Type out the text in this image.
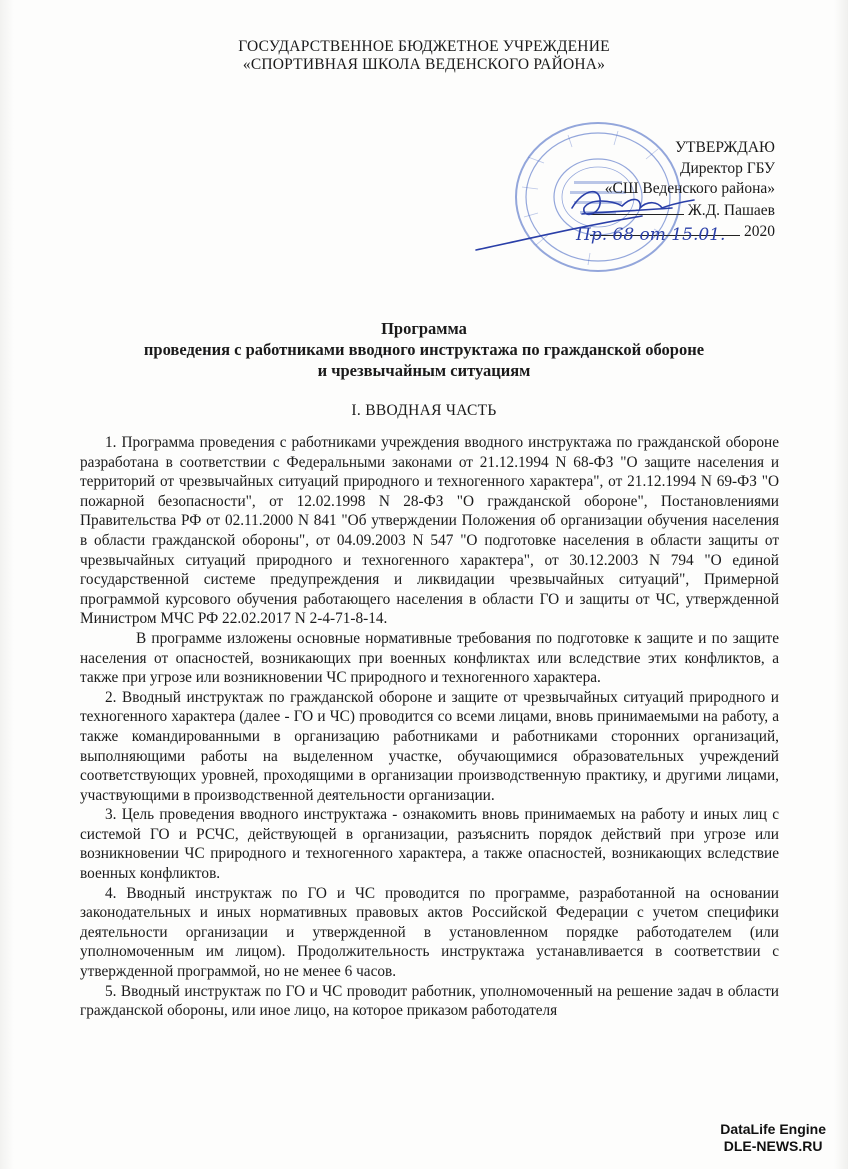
ГОСУДАРСТВЕННОЕ БЮДЖЕТНОЕ УЧРЕЖДЕНИЕ
«СПОРТИВНАЯ ШКОЛА ВЕДЕНСКОГО РАЙОНА»
УТВЕРЖДАЮ
Директор ГБУ
«СШ Веденского района»
Ж.Д. Пашаев
2020
Пр. 68 от 15.01.
Программа
проведения с работниками вводного инструктажа по гражданской обороне
и чрезвычайным ситуациям
I. ВВОДНАЯ ЧАСТЬ

1. Программа проведения с работниками учреждения вводного инструктажа по гражданской обороне разработана в соответствии с Федеральными законами от 21.12.1994 N 68-ФЗ "О защите населения и территорий от чрезвычайных ситуаций природного и техногенного характера", от 21.12.1994 N 69-ФЗ "О пожарной безопасности", от 12.02.1998 N 28-ФЗ "О гражданской обороне", Постановлениями Правительства РФ от 02.11.2000 N 841 "Об утверждении Положения об организации обучения населения в области гражданской обороны", от 04.09.2003 N 547 "О подготовке населения в области защиты от чрезвычайных ситуаций природного и техногенного характера", от 30.12.2003 N 794 "О единой государственной системе предупреждения и ликвидации чрезвычайных ситуаций", Примерной программой курсового обучения работающего населения в области ГО и защиты от ЧС, утвержденной Министром МЧС РФ 22.02.2017 N 2-4-71-8-14.

В программе изложены основные нормативные требования по подготовке к защите и по защите населения от опасностей, возникающих при военных конфликтах или вследствие этих конфликтов, а также при угрозе или возникновении ЧС природного и техногенного характера.

2. Вводный инструктаж по гражданской обороне и защите от чрезвычайных ситуаций природного и техногенного характера (далее - ГО и ЧС) проводится со всеми лицами, вновь принимаемыми на работу, а также командированными в организацию работниками и работниками сторонних организаций, выполняющими работы на выделенном участке, обучающимися образовательных учреждений соответствующих уровней, проходящими в организации производственную практику, и другими лицами, участвующими в производственной деятельности организации.

3. Цель проведения вводного инструктажа - ознакомить вновь принимаемых на работу и иных лиц с системой ГО и РСЧС, действующей в организации, разъяснить порядок действий при угрозе или возникновении ЧС природного и техногенного характера, а также опасностей, возникающих вследствие военных конфликтов.

4. Вводный инструктаж по ГО и ЧС проводится по программе, разработанной на основании законодательных и иных нормативных правовых актов Российской Федерации с учетом специфики деятельности организации и утвержденной в установленном порядке работодателем (или уполномоченным им лицом). Продолжительность инструктажа устанавливается в соответствии с утвержденной программой, но не менее 6 часов.

5. Вводный инструктаж по ГО и ЧС проводит работник, уполномоченный на решение задач в области гражданской обороны, или иное лицо, на которое приказом работодателя

DataLife Engine
DLE-NEWS.RU
